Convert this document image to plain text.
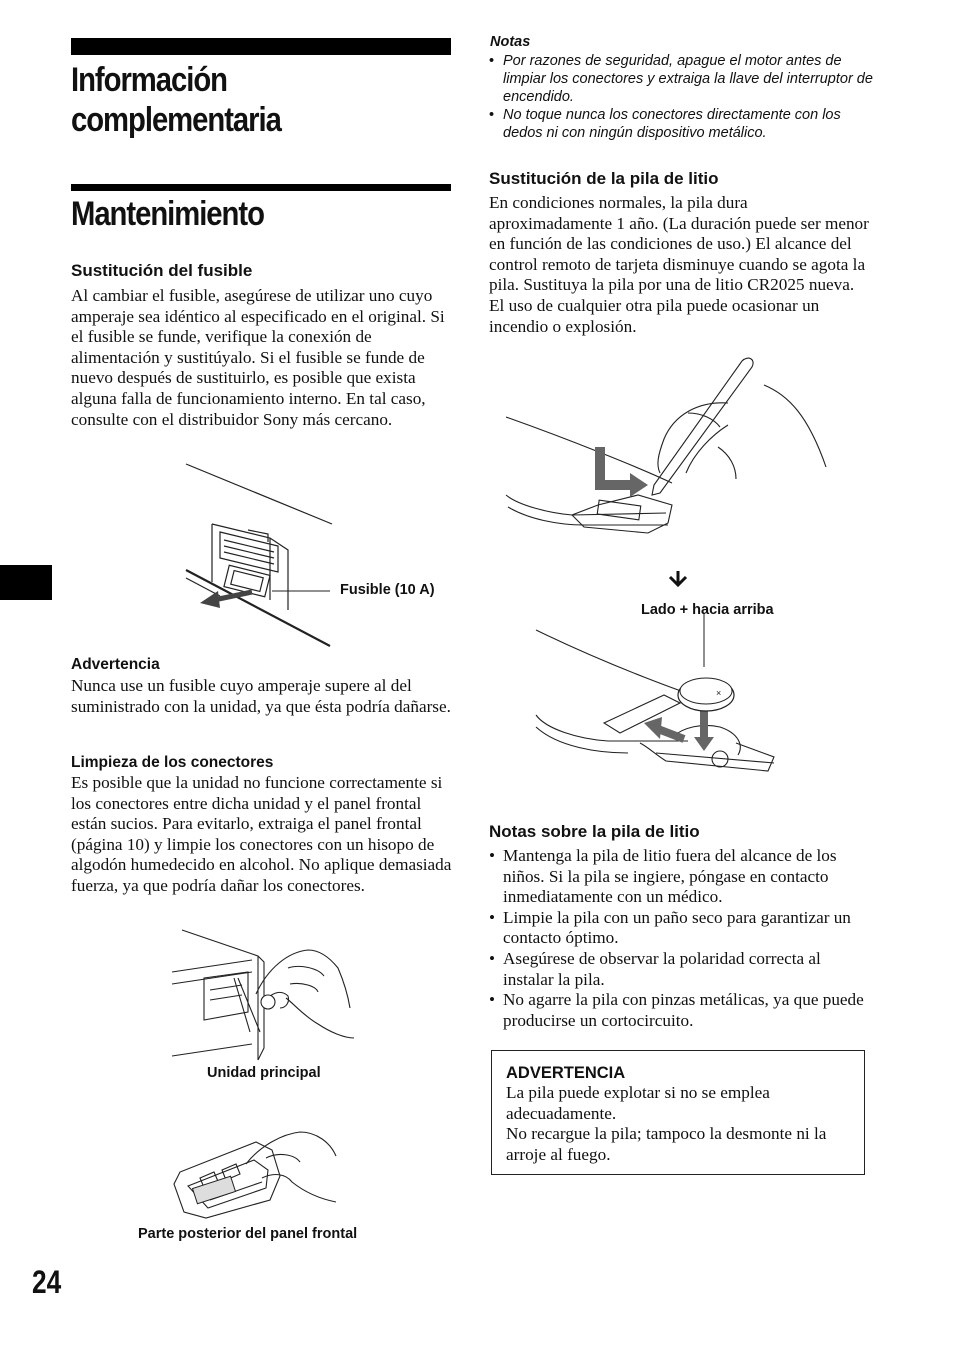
Información
complementaria
Mantenimiento
Sustitución del fusible
Al cambiar el fusible, asegúrese de utilizar uno cuyo amperaje sea idéntico al especificado en el original. Si el fusible se funde, verifique la conexión de alimentación y sustitúyalo. Si el fusible se funde de nuevo después de sustituirlo, es posible que exista alguna falla de funcionamiento interno. En tal caso, consulte con el distribuidor Sony más cercano.
Fusible (10 A)
Advertencia
Nunca use un fusible cuyo amperaje supere al del suministrado con la unidad, ya que ésta podría dañarse.
Limpieza de los conectores
Es posible que la unidad no funcione correctamente si los conectores entre dicha unidad y el panel frontal están sucios. Para evitarlo, extraiga el panel frontal (página 10) y limpie los conectores con un hisopo de algodón humedecido en alcohol. No aplique demasiada fuerza, ya que podría dañar los conectores.
Unidad principal
Parte posterior del panel frontal
24
Notas
• Por razones de seguridad, apague el motor antes de limpiar los conectores y extraiga la llave del interruptor de encendido.
• No toque nunca los conectores directamente con los dedos ni con ningún dispositivo metálico.
Sustitución de la pila de litio
En condiciones normales, la pila dura aproximadamente 1 año. (La duración puede ser menor en función de las condiciones de uso.) El alcance del control remoto de tarjeta disminuye cuando se agota la pila. Sustituya la pila por una de litio CR2025 nueva. El uso de cualquier otra pila puede ocasionar un incendio o explosión.
×
Lado + hacia arriba
Notas sobre la pila de litio
• Mantenga la pila de litio fuera del alcance de los niños. Si la pila se ingiere, póngase en contacto inmediatamente con un médico.
• Limpie la pila con un paño seco para garantizar un contacto óptimo.
• Asegúrese de observar la polaridad correcta al instalar la pila.
• No agarre la pila con pinzas metálicas, ya que puede producirse un cortocircuito.
ADVERTENCIA
La pila puede explotar si no se emplea adecuadamente.
No recargue la pila; tampoco la desmonte ni la arroje al fuego.
